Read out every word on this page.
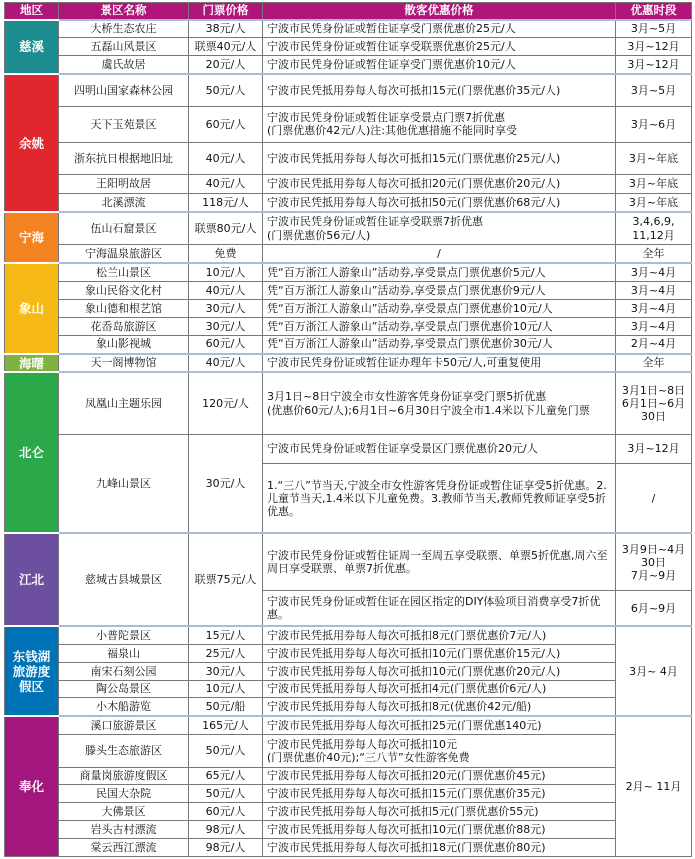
地区	景区名称	门票价格	散客优惠价格	优惠时段
慈溪	大桥生态农庄	38元/人	宁波市民凭身份证或暂住证享受门票优惠价25元/人	3月~5月
	五磊山风景区	联票40元/人	宁波市民凭身份证或暂住证享受联票优惠价25元/人	3月~12月
	虞氏故居	20元/人	宁波市民凭身份证或暂住证享受门票优惠价10元/人	3月~12月
余姚	四明山国家森林公园	50元/人	宁波市民凭抵用券每人每次可抵扣15元(门票优惠价35元/人)	3月~5月
	天下玉苑景区	60元/人	宁波市民凭身份证或暂住证享受景点门票7折优惠
(门票优惠价42元/人)注:其他优惠措施不能同时享受	3月~6月
	浙东抗日根据地旧址	40元/人	宁波市民凭抵用券每人每次可抵扣15元(门票优惠价25元/人)	3月~年底
	王阳明故居	40元/人	宁波市民凭抵用券每人每次可抵扣20元(门票优惠价20元/人)	3月~年底
	北溪漂流	118元/人	宁波市民凭抵用券每人每次可抵扣50元(门票优惠价68元/人)	3月~年底
宁海	伍山石窟景区	联票80元/人	宁波市民凭身份证或暂住证享受联票7折优惠
(门票优惠价56元/人)	3,4,6,9,
11,12月
	宁海温泉旅游区	免费	/	全年
象山	松兰山景区	10元/人	凭“百万浙江人游象山”活动券,享受景点门票优惠价5元/人	3月~4月
	象山民俗文化村	40元/人	凭“百万浙江人游象山”活动券,享受景点门票优惠价9元/人	3月~4月
	象山德和根艺馆	30元/人	凭“百万浙江人游象山”活动券,享受景点门票优惠价10元/人	3月~4月
	花岙岛旅游区	30元/人	凭“百万浙江人游象山”活动券,享受景点门票优惠价10元/人	3月~4月
	象山影视城	60元/人	凭“百万浙江人游象山”活动券,享受景点门票优惠价30元/人	2月~4月
海曙	天一阁博物馆	40元/人	宁波市民凭身份证或暂住证办理年卡50元/人,可重复使用	全年
北仑	凤凰山主题乐园	120元/人	3月1日~8日宁波全市女性游客凭身份证享受门票5折优惠
(优惠价60元/人);6月1日~6月30日宁波全市1.4米以下儿童免门票	3月1日~8日
6月1日~6月
30日
	九峰山景区	30元/人	宁波市民凭身份证或暂住证享受景区门票优惠价20元/人	3月~12月
			1.“三八”节当天,宁波全市女性游客凭身份证或暂住证享受5折优惠。2.儿童节当天,1.4米以下儿童免费。3.教师节当天,教师凭教师证享受5折优惠。	/
江北	慈城古县城景区	联票75元/人	宁波市民凭身份证或暂住证周一至周五享受联票、单票5折优惠,周六至周日享受联票、单票7折优惠。	3月9日~4月
30日
7月~9月
			宁波市民凭身份证或暂住证在园区指定的DIY体验项目消费享受7折优惠。	6月~9月
东钱湖
旅游度
假区	小普陀景区	15元/人	宁波市民凭抵用券每人每次可抵扣8元(门票优惠价7元/人)	3月~ 4月
	福泉山	25元/人	宁波市民凭抵用券每人每次可抵扣10元(门票优惠价15元/人)	
	南宋石刻公园	30元/人	宁波市民凭抵用券每人每次可抵扣10元(门票优惠价20元/人)	
	陶公岛景区	10元/人	宁波市民凭抵用券每人每次可抵扣4元(门票优惠价6元/人)	
	小木船游览	50元/船	宁波市民凭抵用券每人每次可抵扣8元(优惠价42元/船)	
奉化	溪口旅游景区	165元/人	宁波市民凭抵用券每人每次可抵扣25元(门票优惠140元)	2月~ 11月
	滕头生态旅游区	50元/人	宁波市民凭抵用券每人每次可抵扣10元
(门票优惠价40元);“三八节”女性游客免费	
	商量岗旅游度假区	65元/人	宁波市民凭抵用券每人每次可抵扣20元(门票优惠价45元)	
	民国大杂院	50元/人	宁波市民凭抵用券每人每次可抵扣15元(门票优惠价35元)	
	大佛景区	60元/人	宁波市民凭抵用券每人每次可抵扣5元(门票优惠价55元)	
	岩头古村漂流	98元/人	宁波市民凭抵用券每人每次可抵扣10元(门票优惠价88元)	
	棠云西江漂流	98元/人	宁波市民凭抵用券每人每次可抵扣18元(门票优惠价80元)	
